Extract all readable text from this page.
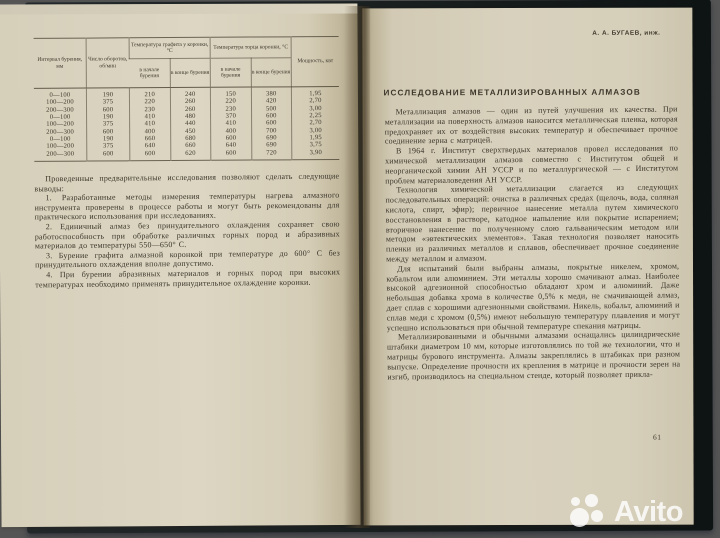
Интервал бурения, мм	Число оборотов, об/мин	Температура графита у коронки, °С		Температура торца коронки, °С		Мощность, квт
		в начале бурения	в конце бурения	в начале бурения	в конце бурения	
0—100	190	210	240	150	380	1,95
100—200	375	220	260	220	420	2,70
200—300	600	230	260	230	500	3,00
0—100	190	410	480	370	600	2,25
100—200	375	410	440	410	600	2,70
200—300	600	400	450	400	700	3,00
0—100	190	660	680	600	690	1,95
100—200	375	640	660	640	690	3,75
200—300	600	600	620	600	720	3,90

Проведенные предварительные исследования позволяют сделать следующие выводы:

1. Разработанные методы измерения температуры нагрева алмазного инструмента проверены в процессе работы и могут быть рекомендованы для практического использования при исследованиях.

2. Единичный алмаз без принудительного охлаждения сохраняет свою работоспособность при обработке различных горных пород и абразивных материалов до температуры 550—650° С.

3. Бурение графита алмазной коронкой при температуре до 600° С без принудительного охлаждения вполне допустимо.

4. При бурении абразивных материалов и горных пород при высоких температурах необходимо применять принудительное охлаждение коронки.

А. А. БУГАЕВ, инж.
ИССЛЕДОВАНИЕ МЕТАЛЛИЗИРОВАННЫХ АЛМАЗОВ

Металлизация алмазов — один из путей улучшения их качества. При металлизации на поверхность алмазов наносится металлическая пленка, которая предохраняет их от воздействия высоких температур и обеспечивает прочное соединение зерна с матрицей.

В 1964 г. Институт сверхтвердых материалов провел исследования по химической металлизации алмазов совместно с Институтом общей и неорганической химии АН УССР и по металлургической — с Институтом проблем материаловедения АН УССР.

Технология химической металлизации слагается из следующих последовательных операций: очистка в различных средах (щелочь, вода, соляная кислота, спирт, эфир); первичное нанесение металла путем химического восстановления в растворе, катодное напыление или покрытие испарением; вторичное нанесение по полученному слою гальваническим методом или методом «эвтектических элементов». Такая технология позволяет наносить пленки из различных металлов и сплавов, обеспечивает прочное соединение между металлом и алмазом.

Для испытаний были выбраны алмазы, покрытые никелем, хромом, кобальтом или алюминием. Эти металлы хорошо смачивают алмаз. Наиболее высокой адгезионной способностью обладают хром и алюминий. Даже небольшая добавка хрома в количестве 0,5% к меди, не смачивающей алмаз, дает сплав с хорошими адгезионными свойствами. Никель, кобальт, алюминий и сплав меди с хромом (0,5%) имеют небольшую температуру плавления и могут успешно использоваться при обычной температуре спекания матрицы.

Металлизированными и обычными алмазами оснащались цилиндрические штабики диаметром 10 мм, которые изготовлялись по той же технологии, что и матрицы бурового инструмента. Алмазы закреплялись в штабиках при разном выпуске. Определение прочности их крепления в матрице и прочности зерен на изгиб, производилось на специальном стенде, который позволяет прикла-

61
Avito
